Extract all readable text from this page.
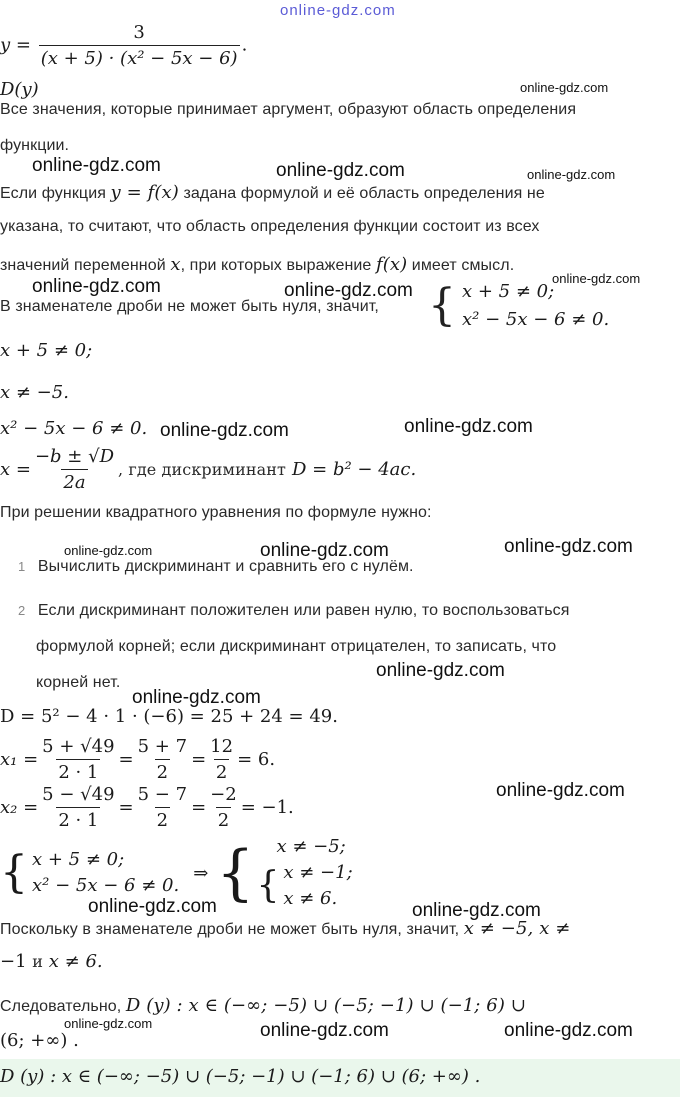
online-gdz.com
$y = \frac{3}{\text{(x + 5) · (x² − 5x − 6)}}$ .
D(y)
Все значения, которые принимает аргумент, образуют область определения
функции.
Если функция y = f(x) задана формулой и её область определения не
указана, то считают, что область определения функции состоит из всех
значений переменной x, при которых выражение f(x) имеет смысл.
В знаменателе дроби не может быть нуля, значит, { x + 5 ≠ 0;
x² − 5x − 6 ≠ 0.
x + 5 ≠ 0;
x ≠ −5.
x² − 5x − 6 ≠ 0.
$x = \frac{-b \pm √D}{2a}$ , где дискриминант D = b² − 4ac.
При решении квадратного уравнения по формуле нужно:
1 Вычислить дискриминант и сравнить его с нулём.
2 Если дискриминант положителен или равен нулю, то воспользоваться
формулой корней; если дискриминант отрицателен, то записать, что
корней нет.
D = 5² − 4 · 1 · (−6) = 25 + 24 = 49.
$x_1 = \frac{5 + √49}{2 \cdot 1} = \frac{5 + 7}{2} = \frac{12}{2} = 6$.
$x_2 = \frac{5 - √49}{2 \cdot 1} = \frac{5 - 7}{2} = \frac{-2}{2} = -1$.
{ x + 5 ≠ 0;
x² − 5x − 6 ≠ 0.
⇒ { x ≠ −5;
{ x ≠ −1;
x ≠ 6.
Поскольку в знаменателе дроби не может быть нуля, значит, x ≠ −5, x ≠
−1 и x ≠ 6.
Следовательно, D (y) : x ∈ (−∞; −5) ∪ (−5; −1) ∪ (−1; 6) ∪
(6; +∞) .
D (y) : x ∈ (−∞; −5) ∪ (−5; −1) ∪ (−1; 6) ∪ (6; +∞) .
online-gdz.com
online-gdz.com	online-gdz.com	online-gdz.com
online-gdz.com
online-gdz.com	online-gdz.com
online-gdz.com	online-gdz.com
online-gdz.com	online-gdz.com	online-gdz.com
online-gdz.com
online-gdz.com
online-gdz.com
online-gdz.com	online-gdz.com
online-gdz.com	online-gdz.com	online-gdz.com
